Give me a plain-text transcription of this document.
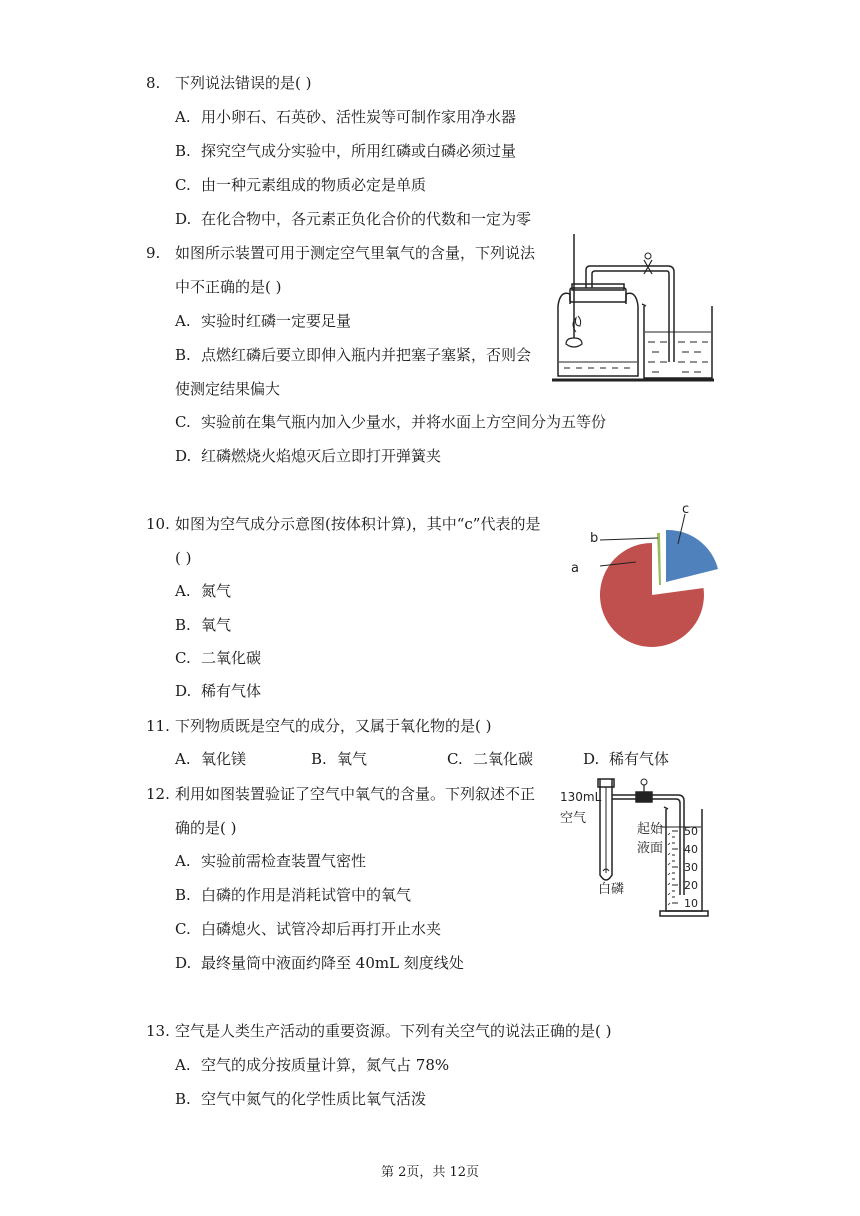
8. 下列说法错误的是( )
A. 用小卵石、石英砂、活性炭等可制作家用净水器
B. 探究空气成分实验中，所用红磷或白磷必须过量
C. 由一种元素组成的物质必定是单质
D. 在化合物中，各元素正负化合价的代数和一定为零
9. 如图所示装置可用于测定空气里氧气的含量，下列说法
中不正确的是( )
A. 实验时红磷一定要足量
B. 点燃红磷后要立即伸入瓶内并把塞子塞紧，否则会
使测定结果偏大
C. 实验前在集气瓶内加入少量水，并将水面上方空间分为五等份
D. 红磷燃烧火焰熄灭后立即打开弹簧夹
10. 如图为空气成分示意图(按体积计算)，其中“c”代表的是
( )
A. 氮气
B. 氧气
C. 二氧化碳
D. 稀有气体
a
b
c
11. 下列物质既是空气的成分，又属于氧化物的是( )
A. 氧化镁	B. 氧气	C. 二氧化碳	D. 稀有气体
12. 利用如图装置验证了空气中氧气的含量。下列叙述不正
确的是( )
A. 实验前需检查装置气密性
B. 白磷的作用是消耗试管中的氧气
C. 白磷熄火、试管冷却后再打开止水夹
D. 最终量筒中液面约降至 40mL 刻度线处
130mL
空气
白磷
起始
液面
50
40
30
20
10
13. 空气是人类生产活动的重要资源。下列有关空气的说法正确的是( )
A. 空气的成分按质量计算，氮气占 78%
B. 空气中氮气的化学性质比氧气活泼
第 2页，共 12页
